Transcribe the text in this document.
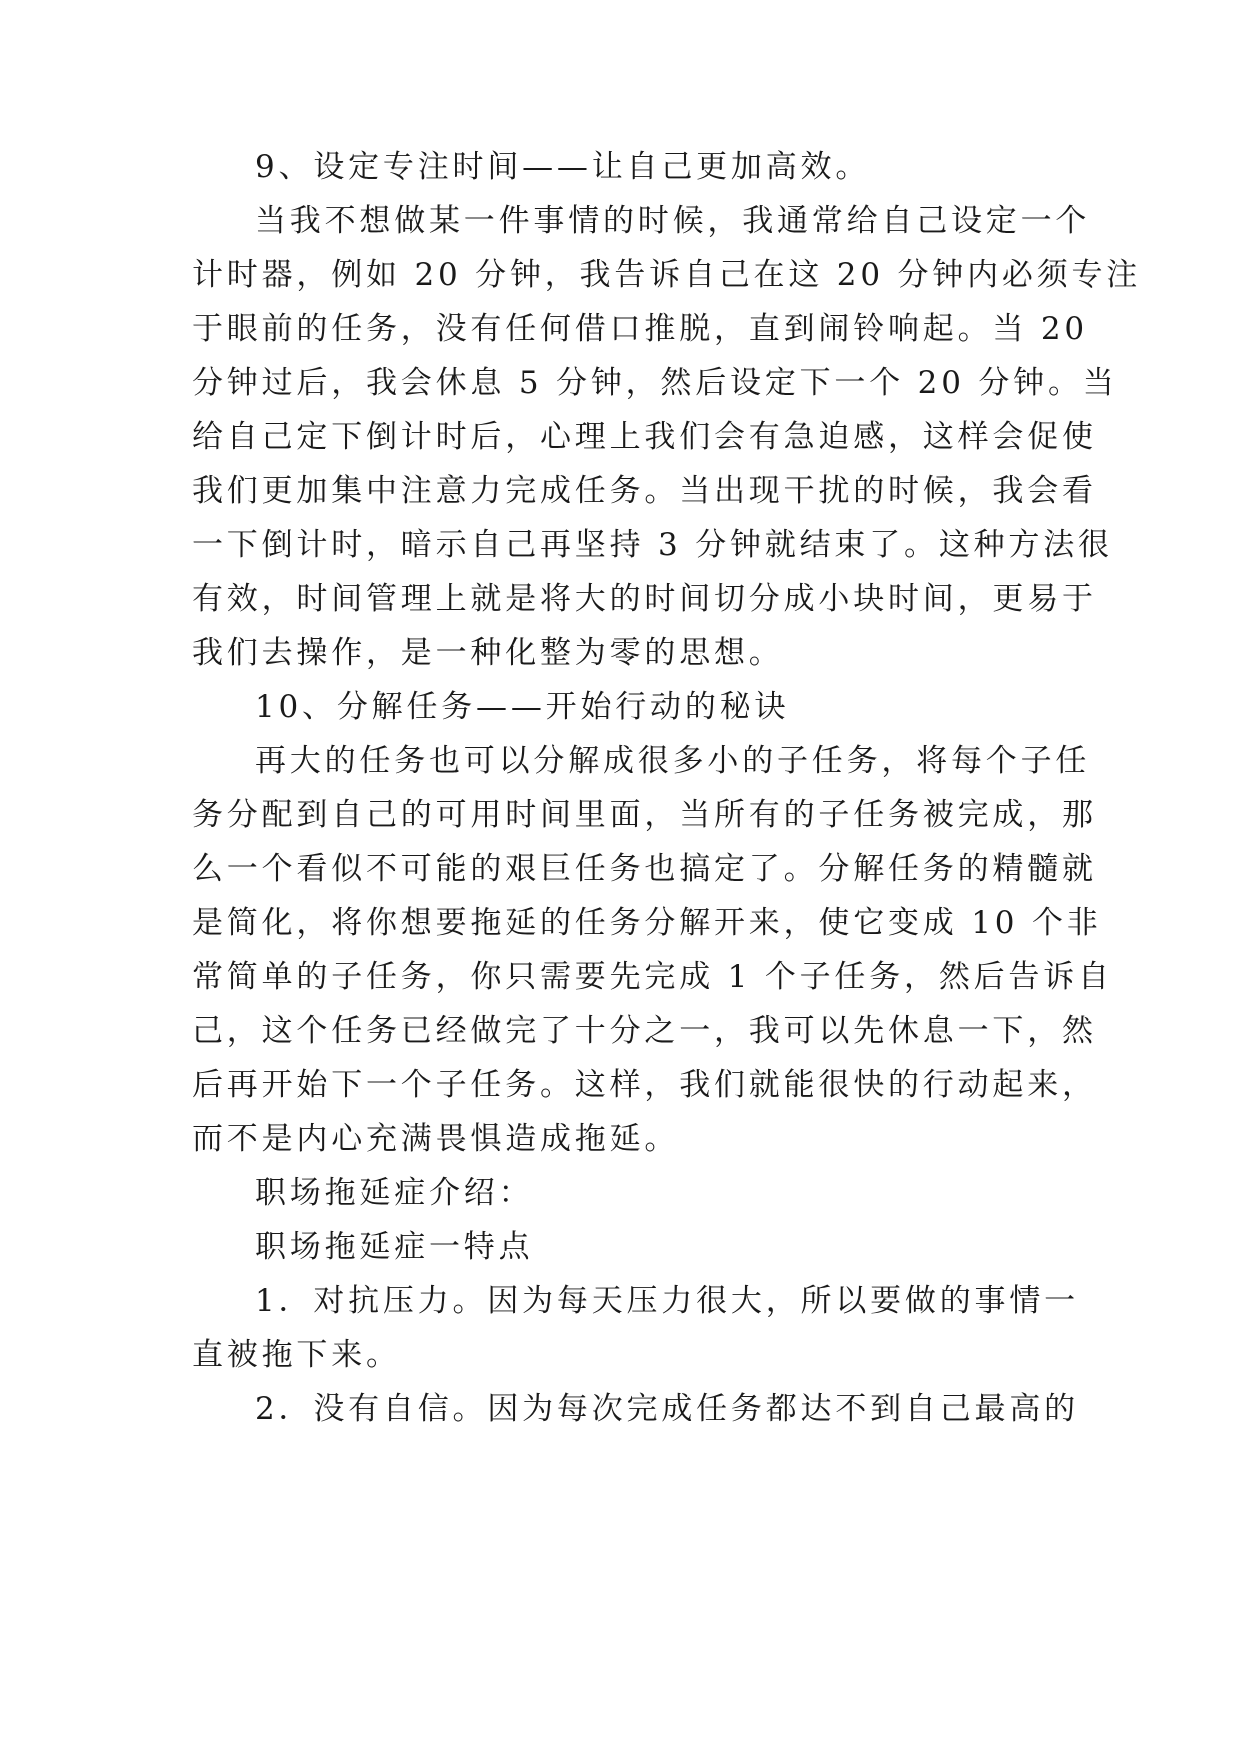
9、设定专注时间——让自己更加高效。

当我不想做某一件事情的时候，我通常给自己设定一个

计时器，例如 20 分钟，我告诉自己在这 20 分钟内必须专注

于眼前的任务，没有任何借口推脱，直到闹铃响起。当 20

分钟过后，我会休息 5 分钟，然后设定下一个 20 分钟。当

给自己定下倒计时后，心理上我们会有急迫感，这样会促使

我们更加集中注意力完成任务。当出现干扰的时候，我会看

一下倒计时，暗示自己再坚持 3 分钟就结束了。这种方法很

有效，时间管理上就是将大的时间切分成小块时间，更易于

我们去操作，是一种化整为零的思想。

10、分解任务——开始行动的秘诀

再大的任务也可以分解成很多小的子任务，将每个子任

务分配到自己的可用时间里面，当所有的子任务被完成，那

么一个看似不可能的艰巨任务也搞定了。分解任务的精髓就

是简化，将你想要拖延的任务分解开来，使它变成 10 个非

常简单的子任务，你只需要先完成 1 个子任务，然后告诉自

己，这个任务已经做完了十分之一，我可以先休息一下，然

后再开始下一个子任务。这样，我们就能很快的行动起来，

而不是内心充满畏惧造成拖延。

职场拖延症介绍：

职场拖延症一特点

1．对抗压力。因为每天压力很大，所以要做的事情一

直被拖下来。

2．没有自信。因为每次完成任务都达不到自己最高的
